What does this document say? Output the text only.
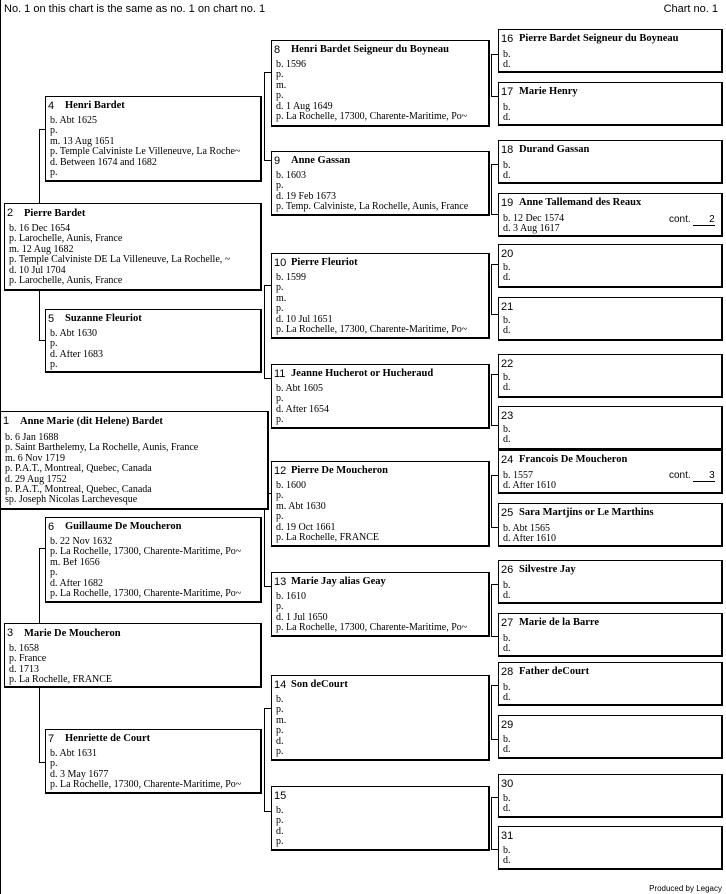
No. 1 on this chart is the same as no. 1 on chart no. 1	Chart no. 1
1 Anne Marie (dit Helene) Bardet
b. 6 Jan 1688
p. Saint Barthelemy, La Rochelle, Aunis, France
m. 6 Nov 1719
p. P.A.T., Montreal, Quebec, Canada
d. 29 Aug 1752
p. P.A.T., Montreal, Quebec, Canada
sp. Joseph Nicolas Larchevesque
2 Pierre Bardet
b. 16 Dec 1654
p. Larochelle, Aunis, France
m. 12 Aug 1682
p. Temple Calviniste DE La Villeneuve, La Rochelle, ~
d. 10 Jul 1704
p. Larochelle, Aunis, France
3 Marie De Moucheron
b. 1658
p. France
d. 1713
p. La Rochelle, FRANCE
4 Henri Bardet
b. Abt 1625
p.
m. 13 Aug 1651
p. Temple Calviniste Le Villeneuve, La Roche~
d. Between 1674 and 1682
p.
5 Suzanne Fleuriot
b. Abt 1630
p.
d. After 1683
p.
6 Guillaume De Moucheron
b. 22 Nov 1632
p. La Rochelle, 17300, Charente-Maritime, Po~
m. Bef 1656
p.
d. After 1682
p. La Rochelle, 17300, Charente-Maritime, Po~
7 Henriette de Court
b. Abt 1631
p.
d. 3 May 1677
p. La Rochelle, 17300, Charente-Maritime, Po~
8 Henri Bardet Seigneur du Boyneau
b. 1596
p.
m.
p.
d. 1 Aug 1649
p. La Rochelle, 17300, Charente-Maritime, Po~
9 Anne Gassan
b. 1603
p.
d. 19 Feb 1673
p. Temp. Calviniste, La Rochelle, Aunis, France
10 Pierre Fleuriot
b. 1599
p.
m.
p.
d. 10 Jul 1651
p. La Rochelle, 17300, Charente-Maritime, Po~
11 Jeanne Hucherot or Hucheraud
b. Abt 1605
p.
d. After 1654
p.
12 Pierre De Moucheron
b. 1600
p.
m. Abt 1630
p.
d. 19 Oct 1661
p. La Rochelle, FRANCE
13 Marie Jay alias Geay
b. 1610
p.
d. 1 Jul 1650
p. La Rochelle, 17300, Charente-Maritime, Po~
14 Son deCourt
b.
p.
m.
p.
d.
p.
15
b.
p.
d.
p.
16 Pierre Bardet Seigneur du Boyneau
b.
d.
17 Marie Henry
b.
d.
18 Durand Gassan
b.
d.
19 Anne Tallemand des Reaux
b. 12 Dec 1574
d. 3 Aug 1617
cont. 2
20
b.
d.
21
b.
d.
22
b.
d.
23
b.
d.
24 Francois De Moucheron
b. 1557
d. After 1610
cont. 3
25 Sara Martjins or Le Marthins
b. Abt 1565
d. After 1610
26 Silvestre Jay
b.
d.
27 Marie de la Barre
b.
d.
28 Father deCourt
b.
d.
29
b.
d.
30
b.
d.
31
b.
d.
Produced by Legacy
